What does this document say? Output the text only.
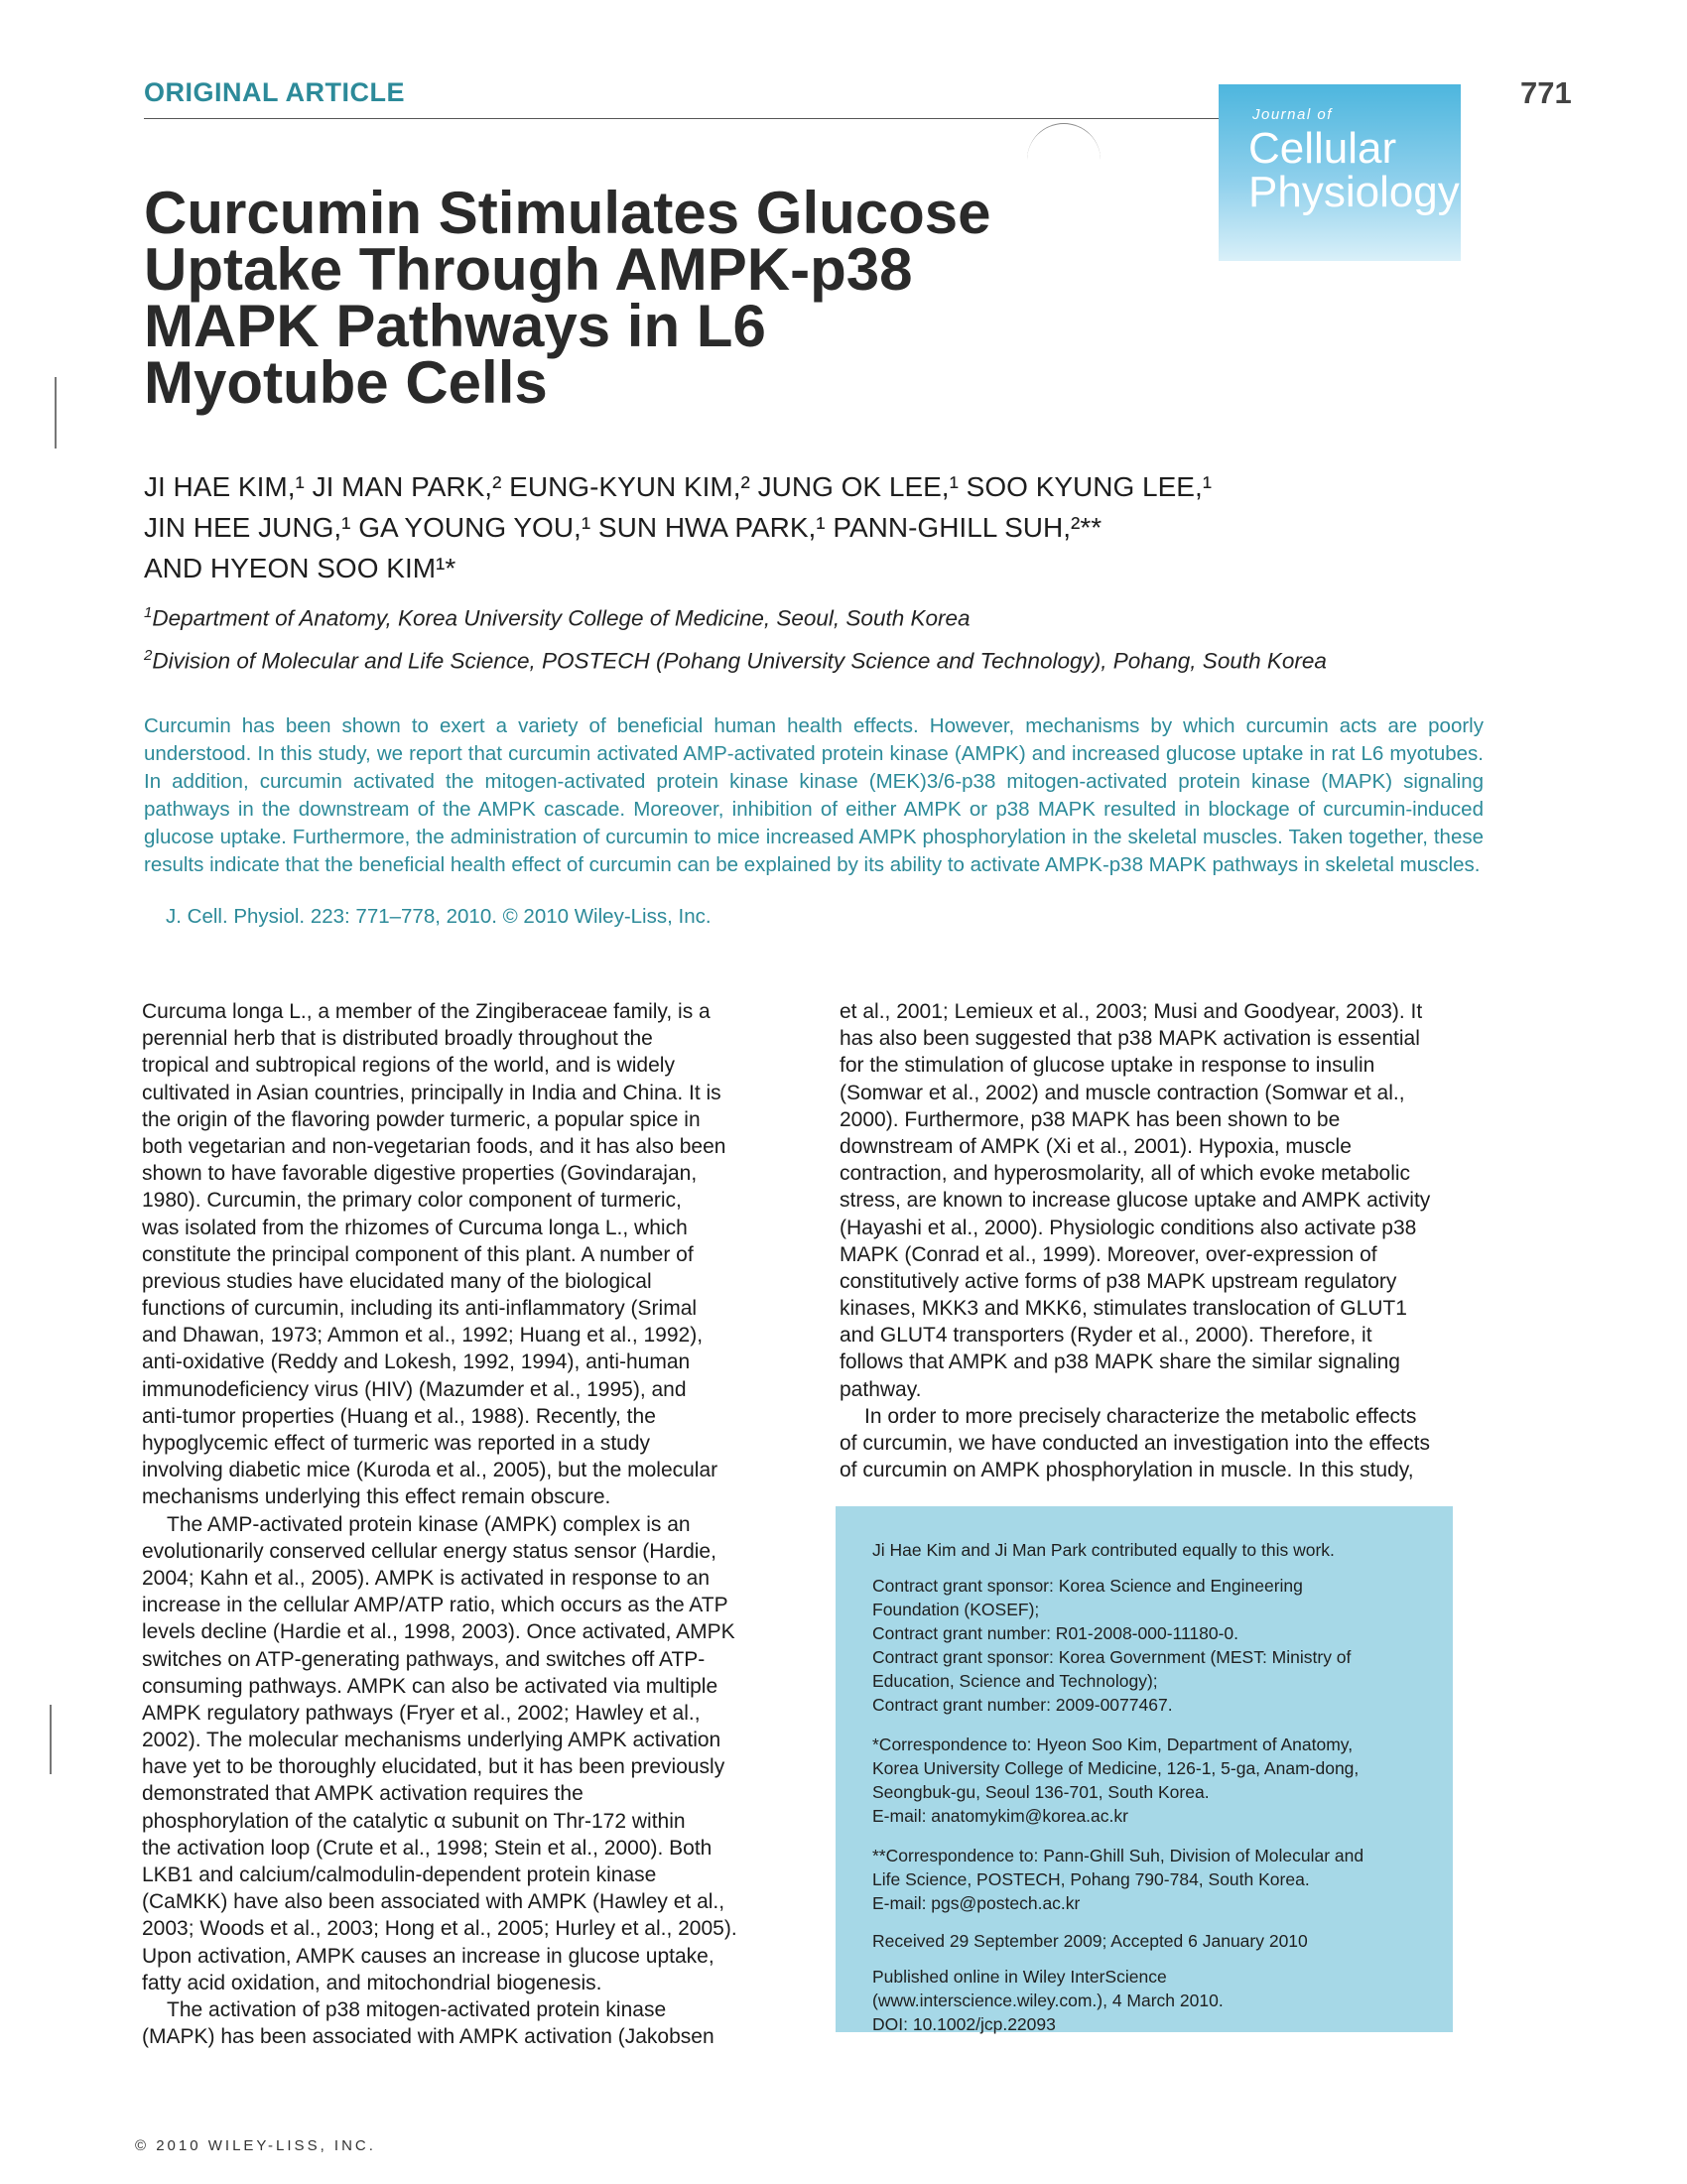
ORIGINAL ARTICLE	771
Journal of
Cellular
Physiology
Curcumin Stimulates Glucose
Uptake Through AMPK-p38
MAPK Pathways in L6
Myotube Cells
JI HAE KIM,¹ JI MAN PARK,² EUNG-KYUN KIM,² JUNG OK LEE,¹ SOO KYUNG LEE,¹
JIN HEE JUNG,¹ GA YOUNG YOU,¹ SUN HWA PARK,¹ PANN-GHILL SUH,²**
AND HYEON SOO KIM¹*
$^1$Department of Anatomy, Korea University College of Medicine, Seoul, South Korea
$^2$Division of Molecular and Life Science, POSTECH (Pohang University Science and Technology), Pohang, South Korea
Curcumin has been shown to exert a variety of beneficial human health effects. However, mechanisms by which curcumin acts are poorly understood. In this study, we report that curcumin activated AMP-activated protein kinase (AMPK) and increased glucose uptake in rat L6 myotubes. In addition, curcumin activated the mitogen-activated protein kinase kinase (MEK)3/6-p38 mitogen-activated protein kinase (MAPK) signaling pathways in the downstream of the AMPK cascade. Moreover, inhibition of either AMPK or p38 MAPK resulted in blockage of curcumin-induced glucose uptake. Furthermore, the administration of curcumin to mice increased AMPK phosphorylation in the skeletal muscles. Taken together, these results indicate that the beneficial health effect of curcumin can be explained by its ability to activate AMPK-p38 MAPK pathways in skeletal muscles.
J. Cell. Physiol. 223: 771–778, 2010. © 2010 Wiley-Liss, Inc.
Curcuma longa L., a member of the Zingiberaceae family, is a
perennial herb that is distributed broadly throughout the
tropical and subtropical regions of the world, and is widely
cultivated in Asian countries, principally in India and China. It is
the origin of the flavoring powder turmeric, a popular spice in
both vegetarian and non-vegetarian foods, and it has also been
shown to have favorable digestive properties (Govindarajan,
1980). Curcumin, the primary color component of turmeric,
was isolated from the rhizomes of Curcuma longa L., which
constitute the principal component of this plant. A number of
previous studies have elucidated many of the biological
functions of curcumin, including its anti-inflammatory (Srimal
and Dhawan, 1973; Ammon et al., 1992; Huang et al., 1992),
anti-oxidative (Reddy and Lokesh, 1992, 1994), anti-human
immunodeficiency virus (HIV) (Mazumder et al., 1995), and
anti-tumor properties (Huang et al., 1988). Recently, the
hypoglycemic effect of turmeric was reported in a study
involving diabetic mice (Kuroda et al., 2005), but the molecular
mechanisms underlying this effect remain obscure.
The AMP-activated protein kinase (AMPK) complex is an
evolutionarily conserved cellular energy status sensor (Hardie,
2004; Kahn et al., 2005). AMPK is activated in response to an
increase in the cellular AMP/ATP ratio, which occurs as the ATP
levels decline (Hardie et al., 1998, 2003). Once activated, AMPK
switches on ATP-generating pathways, and switches off ATP-
consuming pathways. AMPK can also be activated via multiple
AMPK regulatory pathways (Fryer et al., 2002; Hawley et al.,
2002). The molecular mechanisms underlying AMPK activation
have yet to be thoroughly elucidated, but it has been previously
demonstrated that AMPK activation requires the
phosphorylation of the catalytic α subunit on Thr-172 within
the activation loop (Crute et al., 1998; Stein et al., 2000). Both
LKB1 and calcium/calmodulin-dependent protein kinase
(CaMKK) have also been associated with AMPK (Hawley et al.,
2003; Woods et al., 2003; Hong et al., 2005; Hurley et al., 2005).
Upon activation, AMPK causes an increase in glucose uptake,
fatty acid oxidation, and mitochondrial biogenesis.
The activation of p38 mitogen-activated protein kinase
(MAPK) has been associated with AMPK activation (Jakobsen
et al., 2001; Lemieux et al., 2003; Musi and Goodyear, 2003). It
has also been suggested that p38 MAPK activation is essential
for the stimulation of glucose uptake in response to insulin
(Somwar et al., 2002) and muscle contraction (Somwar et al.,
2000). Furthermore, p38 MAPK has been shown to be
downstream of AMPK (Xi et al., 2001). Hypoxia, muscle
contraction, and hyperosmolarity, all of which evoke metabolic
stress, are known to increase glucose uptake and AMPK activity
(Hayashi et al., 2000). Physiologic conditions also activate p38
MAPK (Conrad et al., 1999). Moreover, over-expression of
constitutively active forms of p38 MAPK upstream regulatory
kinases, MKK3 and MKK6, stimulates translocation of GLUT1
and GLUT4 transporters (Ryder et al., 2000). Therefore, it
follows that AMPK and p38 MAPK share the similar signaling
pathway.
In order to more precisely characterize the metabolic effects
of curcumin, we have conducted an investigation into the effects
of curcumin on AMPK phosphorylation in muscle. In this study,
Ji Hae Kim and Ji Man Park contributed equally to this work.
Contract grant sponsor: Korea Science and Engineering
Foundation (KOSEF);
Contract grant number: R01-2008-000-11180-0.
Contract grant sponsor: Korea Government (MEST: Ministry of
Education, Science and Technology);
Contract grant number: 2009-0077467.
*Correspondence to: Hyeon Soo Kim, Department of Anatomy,
Korea University College of Medicine, 126-1, 5-ga, Anam-dong,
Seongbuk-gu, Seoul 136-701, South Korea.
E-mail: anatomykim@korea.ac.kr
**Correspondence to: Pann-Ghill Suh, Division of Molecular and
Life Science, POSTECH, Pohang 790-784, South Korea.
E-mail: pgs@postech.ac.kr
Received 29 September 2009; Accepted 6 January 2010
Published online in Wiley InterScience
(www.interscience.wiley.com.), 4 March 2010.
DOI: 10.1002/jcp.22093
© 2010 WILEY-LISS, INC.
